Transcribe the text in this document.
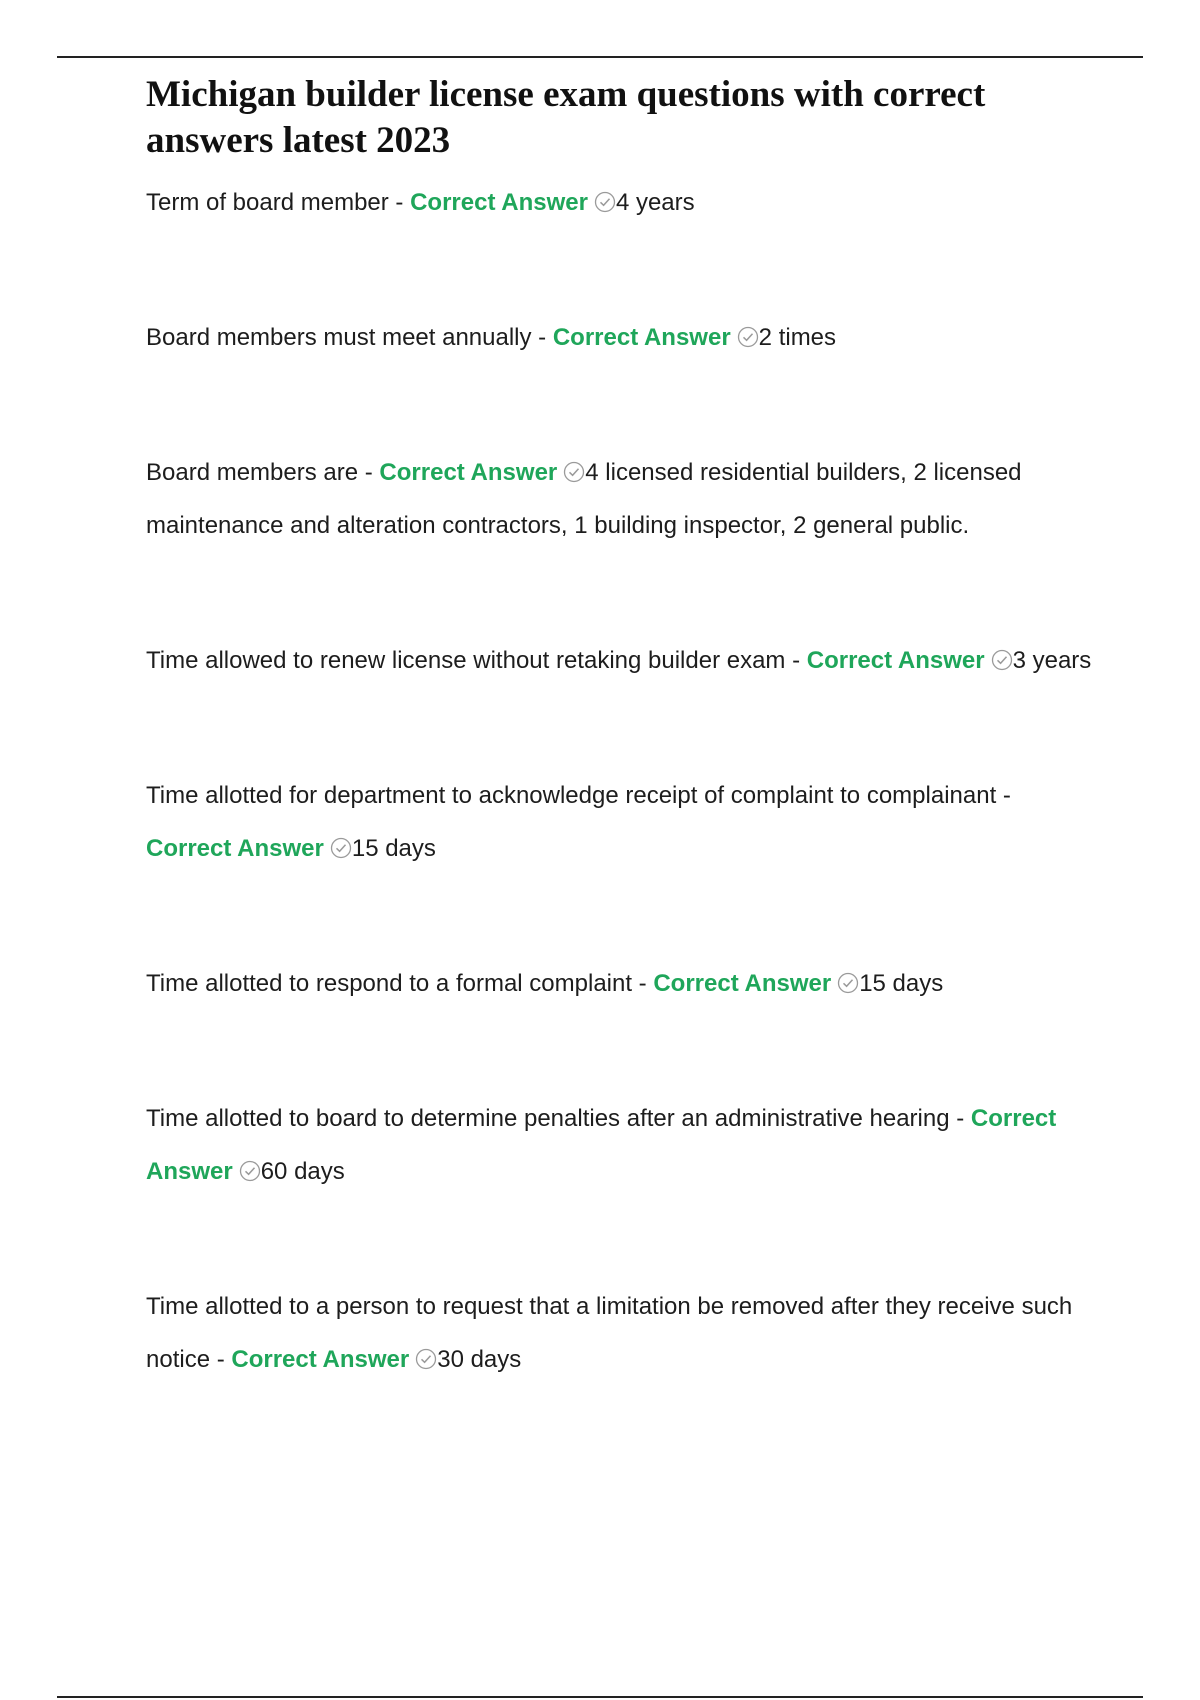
Michigan builder license exam questions with correct answers latest 2023

Term of board member - Correct Answer 4 years

Board members must meet annually - Correct Answer 2 times

Board members are - Correct Answer 4 licensed residential builders, 2 licensed maintenance and alteration contractors, 1 building inspector, 2 general public.

Time allowed to renew license without retaking builder exam - Correct Answer 3 years

Time allotted for department to acknowledge receipt of complaint to complainant - Correct Answer 15 days

Time allotted to respond to a formal complaint - Correct Answer 15 days

Time allotted to board to determine penalties after an administrative hearing - Correct Answer 60 days

Time allotted to a person to request that a limitation be removed after they receive such notice - Correct Answer 30 days
